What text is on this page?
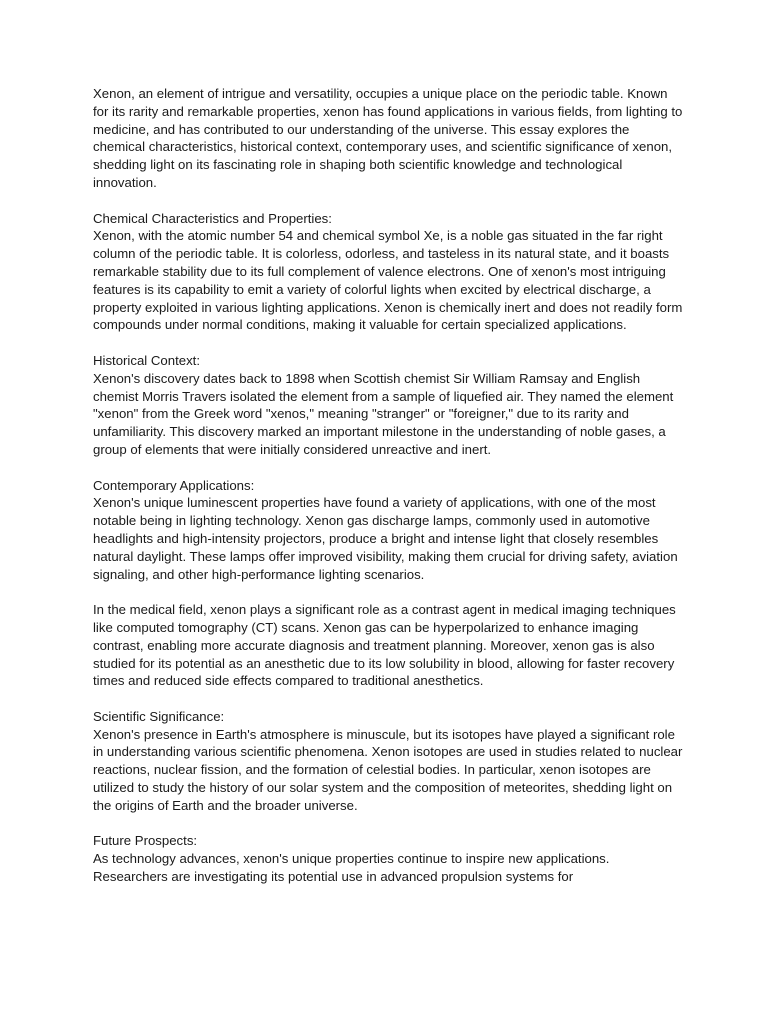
Xenon, an element of intrigue and versatility, occupies a unique place on the periodic table. Known for its rarity and remarkable properties, xenon has found applications in various fields, from lighting to medicine, and has contributed to our understanding of the universe. This essay explores the chemical characteristics, historical context, contemporary uses, and scientific significance of xenon, shedding light on its fascinating role in shaping both scientific knowledge and technological innovation.
Chemical Characteristics and Properties:
Xenon, with the atomic number 54 and chemical symbol Xe, is a noble gas situated in the far right column of the periodic table. It is colorless, odorless, and tasteless in its natural state, and it boasts remarkable stability due to its full complement of valence electrons. One of xenon's most intriguing features is its capability to emit a variety of colorful lights when excited by electrical discharge, a property exploited in various lighting applications. Xenon is chemically inert and does not readily form compounds under normal conditions, making it valuable for certain specialized applications.
Historical Context:
Xenon's discovery dates back to 1898 when Scottish chemist Sir William Ramsay and English chemist Morris Travers isolated the element from a sample of liquefied air. They named the element "xenon" from the Greek word "xenos," meaning "stranger" or "foreigner," due to its rarity and unfamiliarity. This discovery marked an important milestone in the understanding of noble gases, a group of elements that were initially considered unreactive and inert.
Contemporary Applications:
Xenon's unique luminescent properties have found a variety of applications, with one of the most notable being in lighting technology. Xenon gas discharge lamps, commonly used in automotive headlights and high-intensity projectors, produce a bright and intense light that closely resembles natural daylight. These lamps offer improved visibility, making them crucial for driving safety, aviation signaling, and other high-performance lighting scenarios.
In the medical field, xenon plays a significant role as a contrast agent in medical imaging techniques like computed tomography (CT) scans. Xenon gas can be hyperpolarized to enhance imaging contrast, enabling more accurate diagnosis and treatment planning. Moreover, xenon gas is also studied for its potential as an anesthetic due to its low solubility in blood, allowing for faster recovery times and reduced side effects compared to traditional anesthetics.
Scientific Significance:
Xenon's presence in Earth's atmosphere is minuscule, but its isotopes have played a significant role in understanding various scientific phenomena. Xenon isotopes are used in studies related to nuclear reactions, nuclear fission, and the formation of celestial bodies. In particular, xenon isotopes are utilized to study the history of our solar system and the composition of meteorites, shedding light on the origins of Earth and the broader universe.
Future Prospects:
As technology advances, xenon's unique properties continue to inspire new applications. Researchers are investigating its potential use in advanced propulsion systems for
